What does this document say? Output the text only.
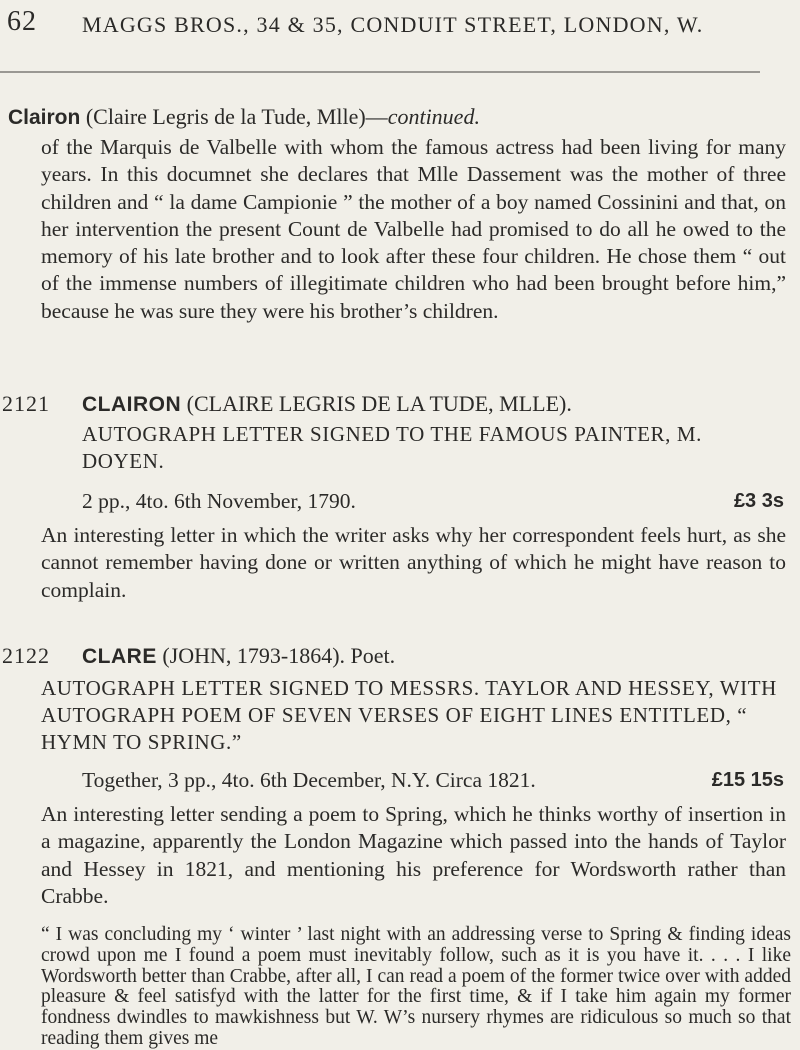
62 MAGGS BROS., 34 & 35, CONDUIT STREET, LONDON, W.
Clairon (Claire Legris de la Tude, Mlle)—continued.
of the Marquis de Valbelle with whom the famous actress had been living for many years. In this documnet she declares that Mlle Dassement was the mother of three children and “ la dame Campionie ” the mother of a boy named Cossinini and that, on her intervention the present Count de Valbelle had promised to do all he owed to the memory of his late brother and to look after these four children. He chose them “ out of the immense numbers of illegitimate children who had been brought before him,” because he was sure they were his brother’s children.
2121 CLAIRON (CLAIRE LEGRIS DE LA TUDE, MLLE).
AUTOGRAPH LETTER SIGNED TO THE FAMOUS PAINTER, M. DOYEN.
2 pp., 4to. 6th November, 1790.	£3 3s
An interesting letter in which the writer asks why her correspondent feels hurt, as she cannot remember having done or written anything of which he might have reason to complain.
2122 CLARE (JOHN, 1793-1864). Poet.
AUTOGRAPH LETTER SIGNED TO MESSRS. TAYLOR AND HESSEY, WITH AUTOGRAPH POEM OF SEVEN VERSES OF EIGHT LINES ENTITLED, “ HYMN TO SPRING.”
Together, 3 pp., 4to. 6th December, N.Y. Circa 1821.	£15 15s
An interesting letter sending a poem to Spring, which he thinks worthy of insertion in a magazine, apparently the London Magazine which passed into the hands of Taylor and Hessey in 1821, and mentioning his preference for Wordsworth rather than Crabbe.
“ I was concluding my ‘ winter ’ last night with an addressing verse to Spring & finding ideas crowd upon me I found a poem must inevitably follow, such as it is you have it. . . . I like Wordsworth better than Crabbe, after all, I can read a poem of the former twice over with added pleasure & feel satisfyd with the latter for the first time, & if I take him again my former fondness dwindles to mawkishness but W. W’s nursery rhymes are ridiculous so much so that reading them gives me
